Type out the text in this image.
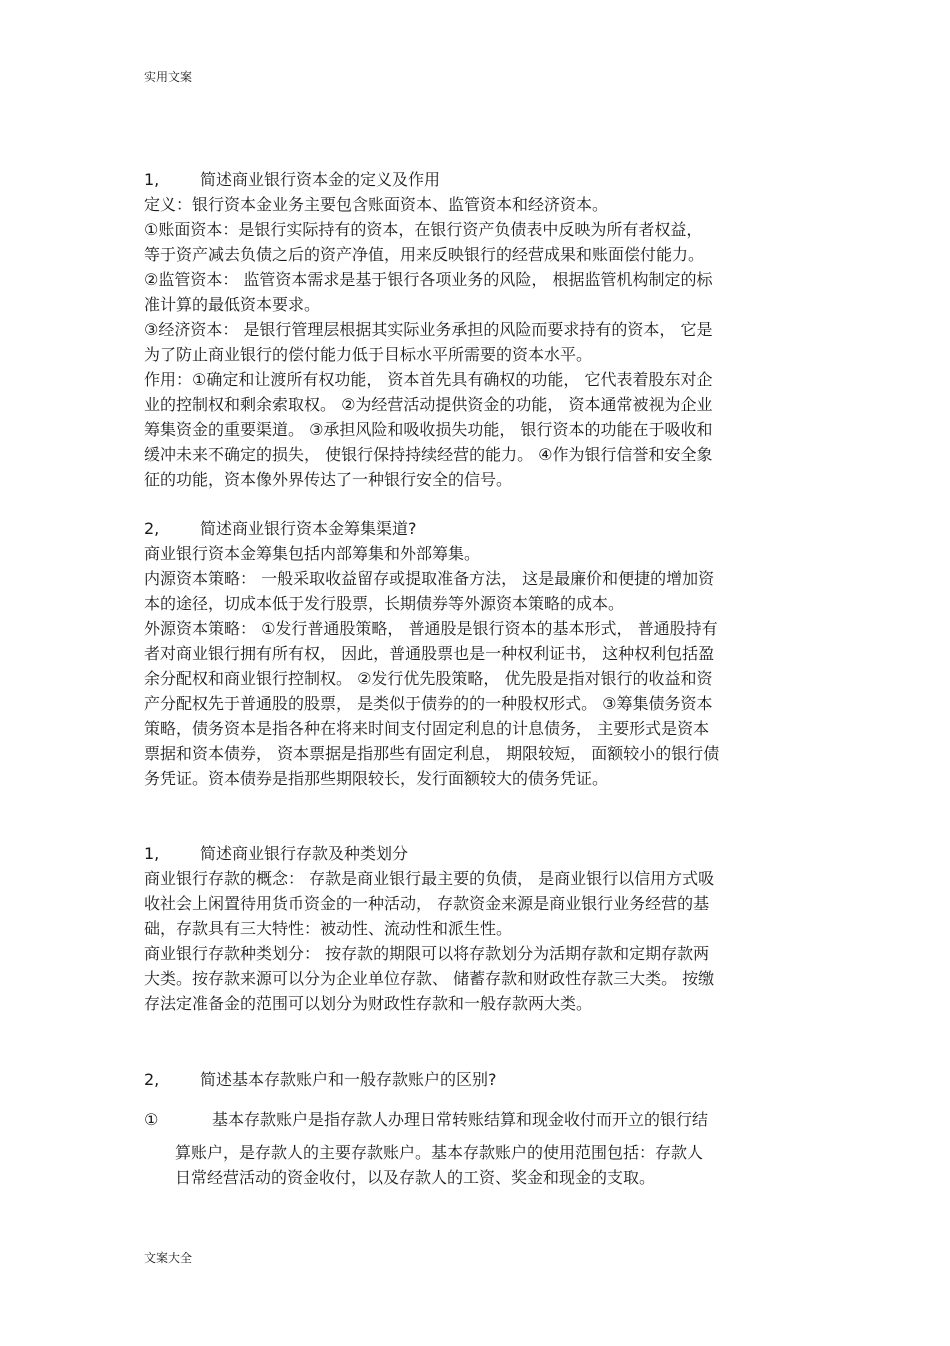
实用文案
1,	简述商业银行资本金的定义及作用
定义：银行资本金业务主要包含账面资本、监管资本和经济资本。
①账面资本：是银行实际持有的资本，在银行资产负债表中反映为所有者权益，
等于资产减去负债之后的资产净值，用来反映银行的经营成果和账面偿付能力。
②监管资本： 监管资本需求是基于银行各项业务的风险， 根据监管机构制定的标
准计算的最低资本要求。
③经济资本： 是银行管理层根据其实际业务承担的风险而要求持有的资本， 它是
为了防止商业银行的偿付能力低于目标水平所需要的资本水平。
作用：①确定和让渡所有权功能， 资本首先具有确权的功能， 它代表着股东对企
业的控制权和剩余索取权。 ②为经营活动提供资金的功能， 资本通常被视为企业
筹集资金的重要渠道。 ③承担风险和吸收损失功能， 银行资本的功能在于吸收和
缓冲未来不确定的损失， 使银行保持持续经营的能力。 ④作为银行信誉和安全象
征的功能，资本像外界传达了一种银行安全的信号。
2,	简述商业银行资本金筹集渠道?
商业银行资本金筹集包括内部筹集和外部筹集。
内源资本策略： 一般采取收益留存或提取准备方法， 这是最廉价和便捷的增加资
本的途径，切成本低于发行股票，长期债券等外源资本策略的成本。
外源资本策略： ①发行普通股策略， 普通股是银行资本的基本形式， 普通股持有
者对商业银行拥有所有权， 因此，普通股票也是一种权利证书， 这种权利包括盈
余分配权和商业银行控制权。 ②发行优先股策略， 优先股是指对银行的收益和资
产分配权先于普通股的股票， 是类似于债券的的一种股权形式。 ③筹集债务资本
策略，债务资本是指各种在将来时间支付固定利息的计息债务， 主要形式是资本
票据和资本债券， 资本票据是指那些有固定利息， 期限较短， 面额较小的银行债
务凭证。资本债券是指那些期限较长，发行面额较大的债务凭证。
1,	简述商业银行存款及种类划分
商业银行存款的概念： 存款是商业银行最主要的负债， 是商业银行以信用方式吸
收社会上闲置待用货币资金的一种活动， 存款资金来源是商业银行业务经营的基
础，存款具有三大特性：被动性、流动性和派生性。
商业银行存款种类划分： 按存款的期限可以将存款划分为活期存款和定期存款两
大类。按存款来源可以分为企业单位存款、 储蓄存款和财政性存款三大类。 按缴
存法定准备金的范围可以划分为财政性存款和一般存款两大类。
2,	简述基本存款账户和一般存款账户的区别?
①	基本存款账户是指存款人办理日常转账结算和现金收付而开立的银行结
算账户，是存款人的主要存款账户。基本存款账户的使用范围包括：存款人
日常经营活动的资金收付，以及存款人的工资、奖金和现金的支取。
文案大全
